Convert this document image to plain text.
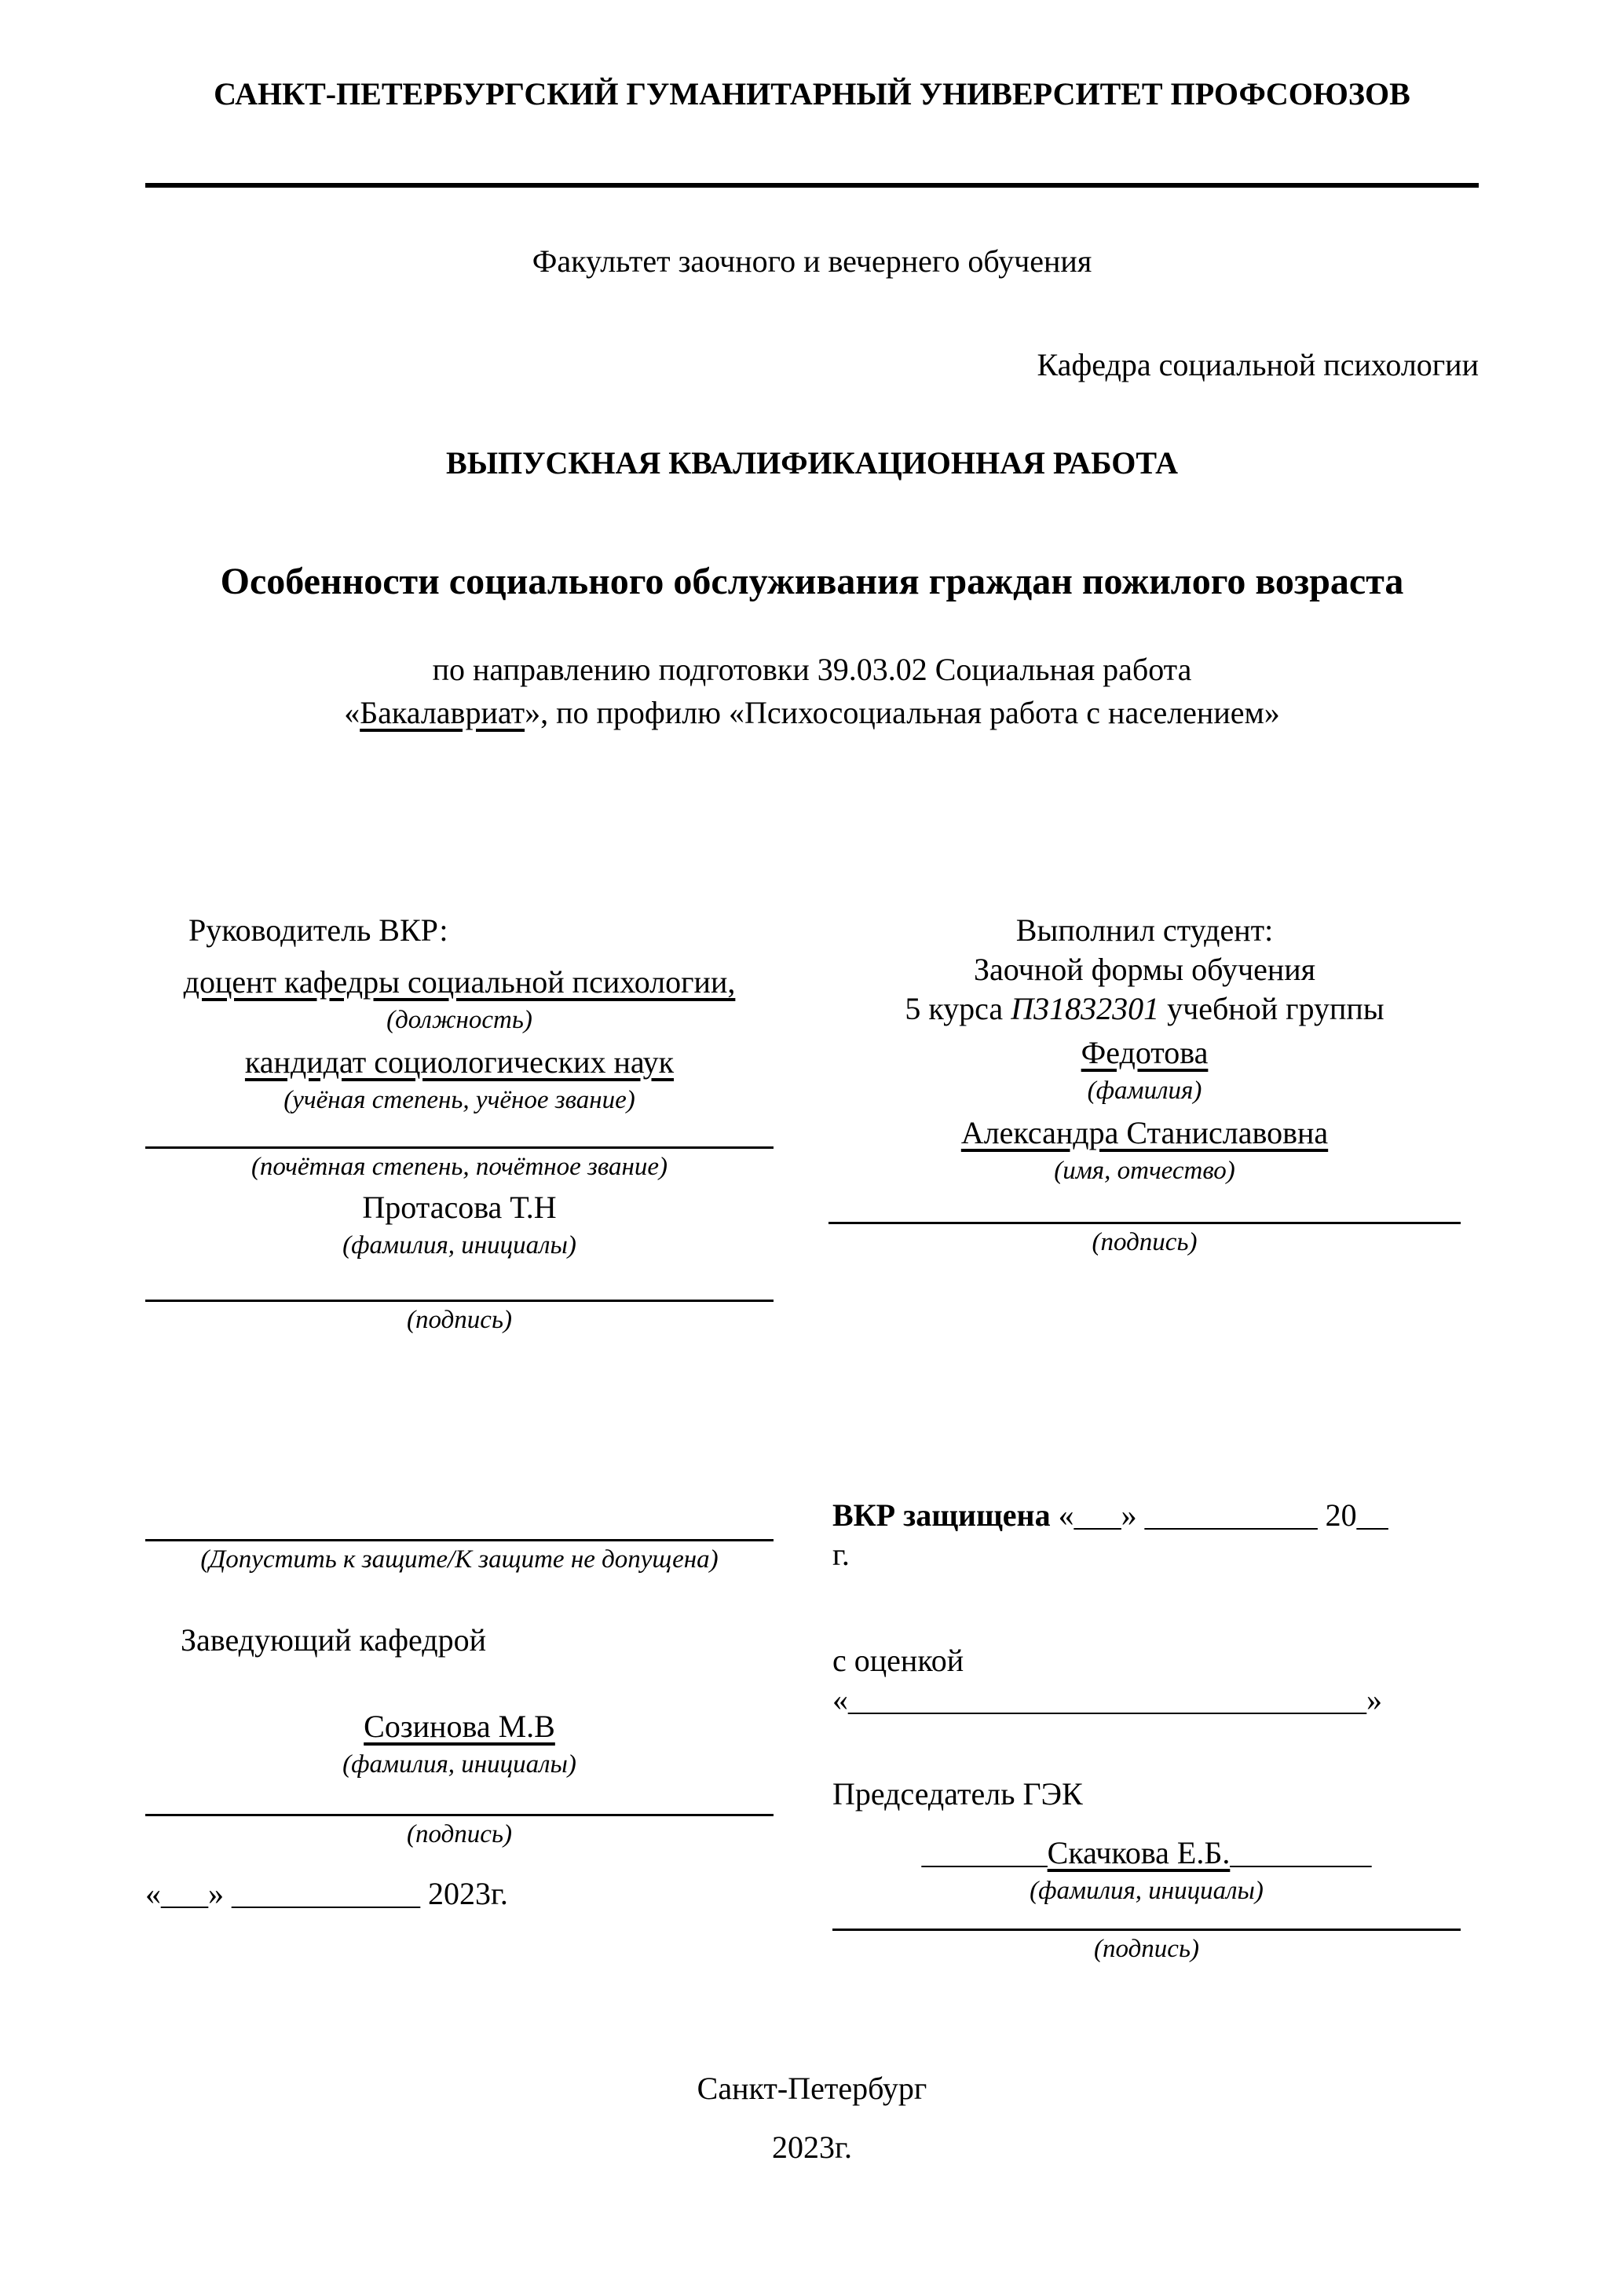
САНКТ-ПЕТЕРБУРГСКИЙ ГУМАНИТАРНЫЙ УНИВЕРСИТЕТ ПРОФСОЮЗОВ
Факультет заочного и вечернего обучения
Кафедра социальной психологии
ВЫПУСКНАЯ КВАЛИФИКАЦИОННАЯ РАБОТА
Особенности социального обслуживания граждан пожилого возраста
по направлению подготовки 39.03.02 Социальная работа
«Бакалавриат», по профилю «Психосоциальная работа с населением»
Руководитель ВКР:
доцент кафедры социальной психологии,
(должность)
кандидат социологических наук
(учёная степень, учёное звание)
(почётная степень, почётное звание)
Протасова Т.Н
(фамилия, инициалы)
(подпись)
Выполнил студент:
Заочной формы обучения
5 курса П31832301 учебной группы
Федотова
(фамилия)
Александра Станиславовна
(имя, отчество)
(подпись)
(Допустить к защите/К защите не допущена)
Заведующий кафедрой
Созинова М.В
(фамилия, инициалы)
(подпись)
«___» ____________ 2023г.
ВКР защищена «___» ___________ 20__
г.
с оценкой
«_________________________________»
Председатель ГЭК
________Скачкова Е.Б._________
(фамилия, инициалы)
(подпись)
Санкт-Петербург
2023г.
